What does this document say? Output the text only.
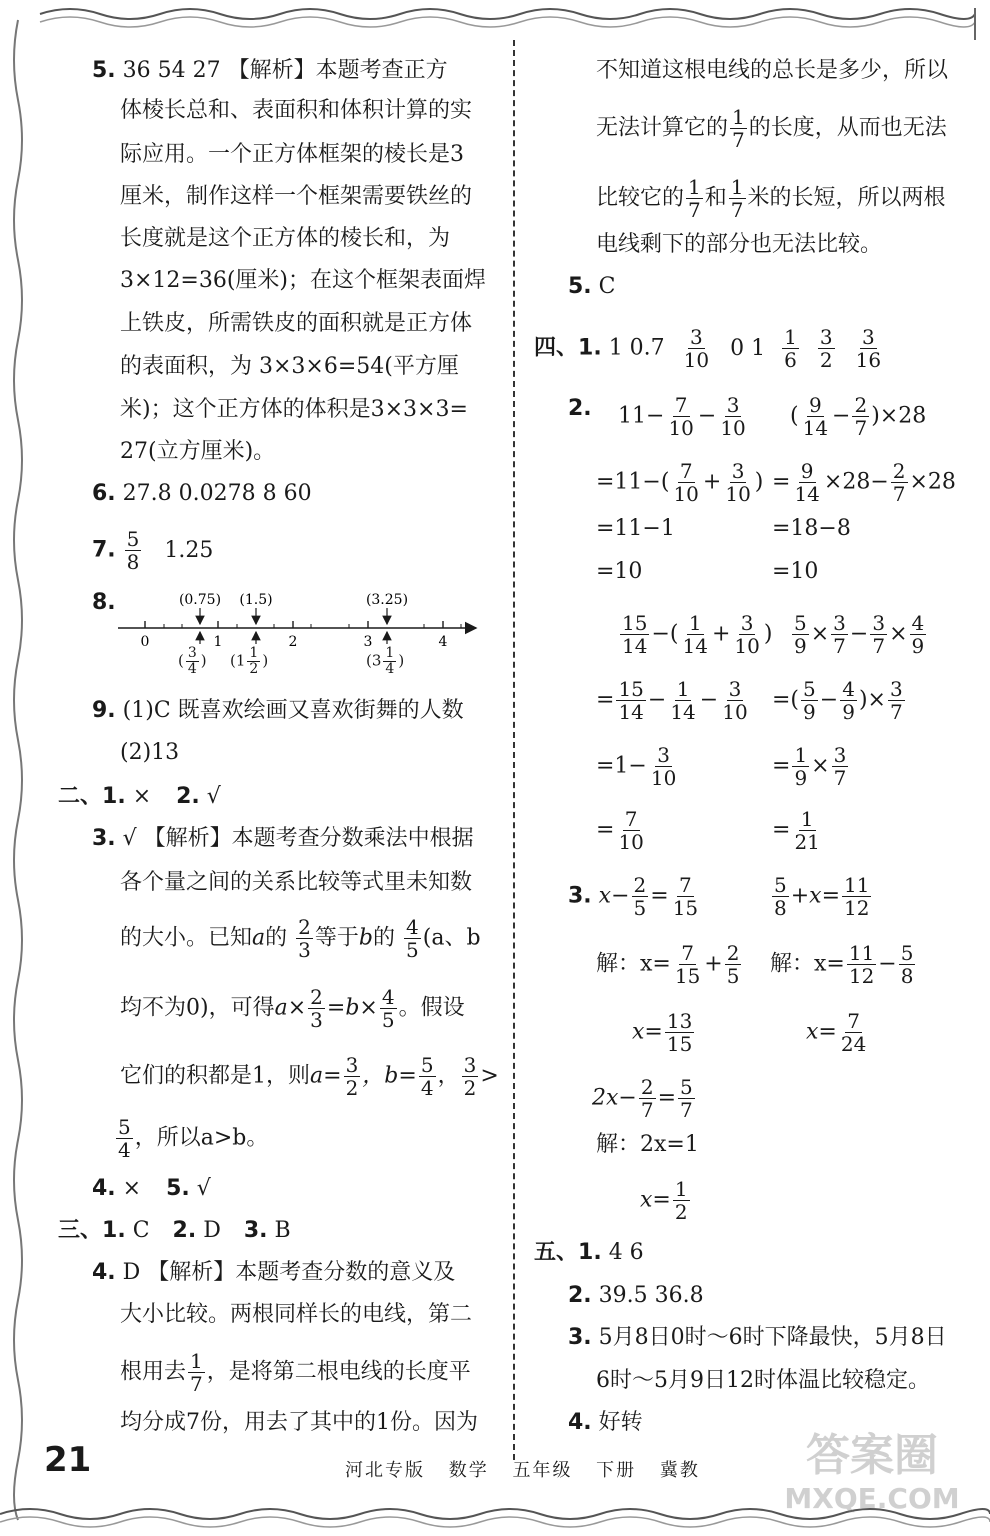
5. 36 54 27 【解析】本题考查正方
体棱长总和、表面积和体积计算的实
际应用。一个正方体框架的棱长是3
厘米，制作这样一个框架需要铁丝的
长度就是这个正方体的棱长和，为
3×12=36(厘米)；在这个框架表面焊
上铁皮，所需铁皮的面积就是正方体
的表面积，为 3×3×6=54(平方厘
米)；这个正方体的体积是3×3×3=
27(立方厘米)。
6. 27.8 0.0278 8 60
7. $\frac{5}{8} 1.25$
8.
0	1	2	3	4
(0.75) (1.5)	(3.25)
( $\frac{3}{4}$ ) ($1 \frac{1}{2}$ )	($3 \frac{1}{4}$ )
9. (1)C 既喜欢绘画又喜欢街舞的人数
(2)13
二、1. × 2. √
3. √ 【解析】本题考查分数乘法中根据
各个量之间的关系比较等式里未知数
的大小。已知a的 $\frac{2}{3}$ 等于b的 $\frac{4}{5} (a$、b
均不为0)，可得$a\times \frac{2}{3} =b\times \frac{4}{5}$ 。假设
它们的积都是1，则$a= \frac{3}{2}$ ，$b= \frac{5}{4}$ ， $\frac{3}{2}$ >
$\frac{5}{4}$ ，所以a>b。
4. × 5. √
三、1. C 2. D 3. B
4. D 【解析】本题考查分数的意义及
大小比较。两根同样长的电线，第二
根用去 $\frac{1}{7}$ ，是将第二根电线的长度平
均分成7份，用去了其中的1份。因为
不知道这根电线的总长是多少，所以
无法计算它的 $\frac{1}{7}$ 的长度，从而也无法
比较它的 $\frac{1}{7}$ 和 $\frac{1}{7}$ 米的长短，所以两根
电线剩下的部分也无法比较。
5. C
四、1. 1 $0.7 \frac{3}{10} 0$ $1 \frac{1}{6}$
$\frac{3}{2}$
$\frac{3}{16}$
2. $11- \frac{7}{10} - \frac{3}{10}$ ( $\frac{9}{14} - \frac{2}{7} )\times 28$
$=11-( \frac{7}{10} + \frac{3}{10}$ ) = $\frac{9}{14} \times 28- \frac{2}{7} \times 28$
=11−1	=18−8
=10	=10
$\frac{15}{14}$ −( $\frac{1}{14} + \frac{3}{10}$ ) $\frac{5}{9} \times \frac{3}{7} - \frac{3}{7} \times \frac{4}{9}$
= $\frac{15}{14} - \frac{1}{14} - \frac{3}{10}$ =( $\frac{5}{9} - \frac{4}{9}$ )× $\frac{3}{7}$
$=1- \frac{3}{10}$	= $\frac{1}{9} \times \frac{3}{7}$
= $\frac{7}{10}$	= $\frac{1}{21}$
3. $x- \frac{2}{5} = \frac{7}{15}$	$\frac{5}{8} +x= \frac{11}{12}$
解：$x= \frac{7}{15} + \frac{2}{5}$ 解：$x= \frac{11}{12} - \frac{5}{8}$
$x= \frac{13}{15}$	$x= \frac{7}{24}$
$2x- \frac{2}{7} = \frac{5}{7}$
解：2x=1
$x= \frac{1}{2}$
五、1. 4 6
2. 39.5 36.8
3. 5月8日0时～6时下降最快，5月8日
6时～5月9日12时体温比较稳定。
4. 好转
21	河北专版 数学 五年级 下册 冀教 答案圈
MXQE.COM
